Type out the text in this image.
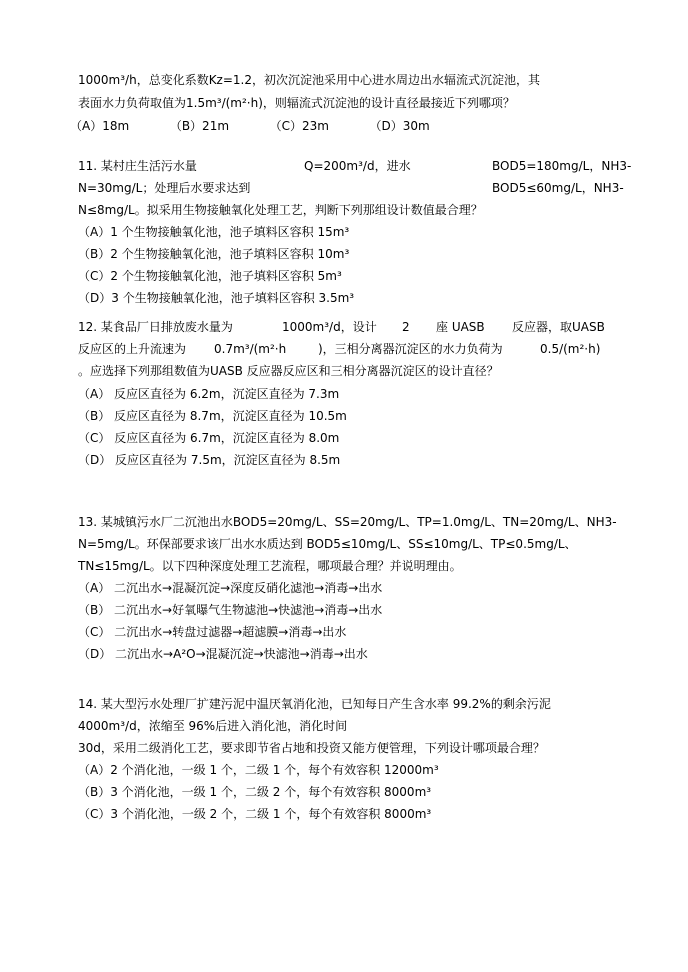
1000m³/h，总变化系数Kz=1.2，初次沉淀池采用中心进水周边出水辐流式沉淀池，其
表面水力负荷取值为1.5m³/(m²·h)，则辐流式沉淀池的设计直径最接近下列哪项？
（A）18m	（B）21m	（C）23m	（D）30m
11. 某村庄生活污水量	Q=200m³/d，进水	BOD5=180mg/L，NH3-
N=30mg/L；处理后水要求达到	BOD5≤60mg/L，NH3-
N≤8mg/L。拟采用生物接触氧化处理工艺，判断下列那组设计数值最合理？
（A）1 个生物接触氧化池，池子填料区容积 15m³
（B）2 个生物接触氧化池，池子填料区容积 10m³
（C）2 个生物接触氧化池，池子填料区容积 5m³
（D）3 个生物接触氧化池，池子填料区容积 3.5m³
12. 某食品厂日排放废水量为	1000m³/d，设计 2 座 UASB 反应器，取UASB
反应区的上升流速为 0.7m³/(m²·h	)，三相分离器沉淀区的水力负荷为	0.5/(m²·h)
。应选择下列那组数值为UASB 反应器反应区和三相分离器沉淀区的设计直径？
（A） 反应区直径为 6.2m，沉淀区直径为 7.3m
（B） 反应区直径为 8.7m，沉淀区直径为 10.5m
（C） 反应区直径为 6.7m，沉淀区直径为 8.0m
（D） 反应区直径为 7.5m，沉淀区直径为 8.5m
13. 某城镇污水厂二沉池出水BOD5=20mg/L、SS=20mg/L、TP=1.0mg/L、TN=20mg/L、NH3-
N=5mg/L。环保部要求该厂出水水质达到 BOD5≤10mg/L、SS≤10mg/L、TP≤0.5mg/L、
TN≤15mg/L。以下四种深度处理工艺流程，哪项最合理？并说明理由。
（A） 二沉出水→混凝沉淀→深度反硝化滤池→消毒→出水
（B） 二沉出水→好氧曝气生物滤池→快滤池→消毒→出水
（C） 二沉出水→转盘过滤器→超滤膜→消毒→出水
（D） 二沉出水→A²O→混凝沉淀→快滤池→消毒→出水
14. 某大型污水处理厂扩建污泥中温厌氧消化池，已知每日产生含水率 99.2%的剩余污泥
4000m³/d，浓缩至 96%后进入消化池，消化时间
30d，采用二级消化工艺，要求即节省占地和投资又能方便管理，下列设计哪项最合理？
（A）2 个消化池，一级 1 个，二级 1 个，每个有效容积 12000m³
（B）3 个消化池，一级 1 个，二级 2 个，每个有效容积 8000m³
（C）3 个消化池，一级 2 个，二级 1 个，每个有效容积 8000m³
